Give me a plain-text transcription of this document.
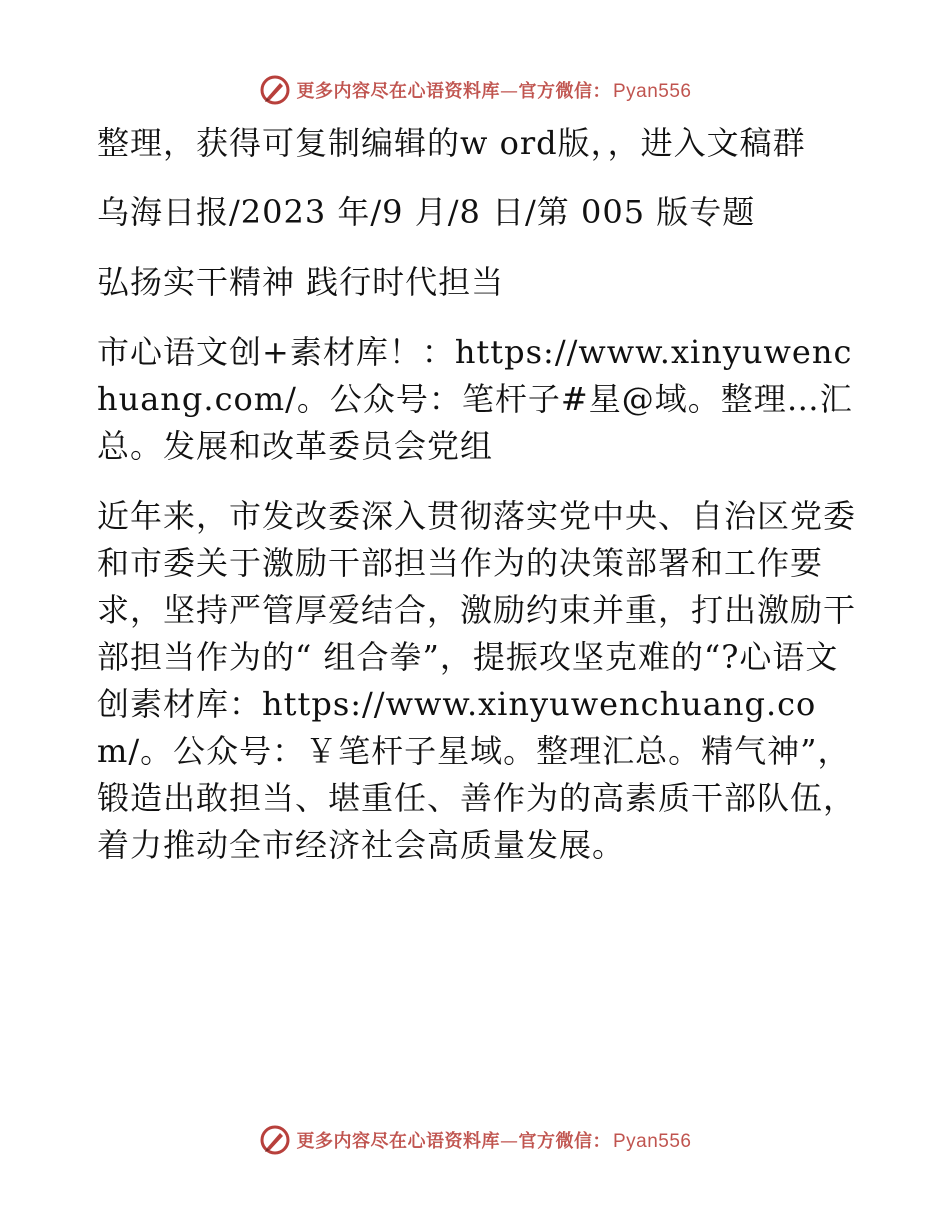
更多内容尽在心语资料库—官方微信： Pyan556

整理，获得可复制编辑的w ord版，，进入文稿群

乌海日报/2023 年/9 月/8 日/第 005 版专题

弘扬实干精神 践行时代担当

市心语文创+素材库！：https://www.xinyuwenchuang.com/。公众号：笔杆子#星@域。整理…汇总。发展和改革委员会党组

近年来，市发改委深入贯彻落实党中央、自治区党委和市委关于激励干部担当作为的决策部署和工作要求，坚持严管厚爱结合，激励约束并重，打出激励干部担当作为的“ 组合拳”，提振攻坚克难的“?心语文创素材库：https://www.xinyuwenchuang.com/。公众号：￥笔杆子星域。整理汇总。精气神”，锻造出敢担当、堪重任、善作为的高素质干部队伍，着力推动全市经济社会高质量发展。

更多内容尽在心语资料库—官方微信： Pyan556
